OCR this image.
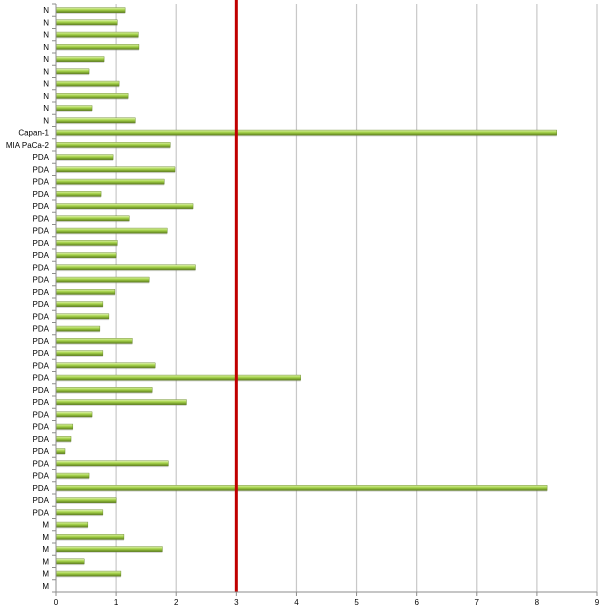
0	1	2	3	4	5	6	7	8	9
N
N
N
N
N
N
N
N
N
N
Capan-1
MIA PaCa-2
PDA
PDA
PDA
PDA
PDA
PDA
PDA
PDA
PDA
PDA
PDA
PDA
PDA
PDA
PDA
PDA
PDA
PDA
PDA
PDA
PDA
PDA
PDA
PDA
PDA
PDA
PDA
PDA
PDA
PDA
M
M
M
M
M
M
